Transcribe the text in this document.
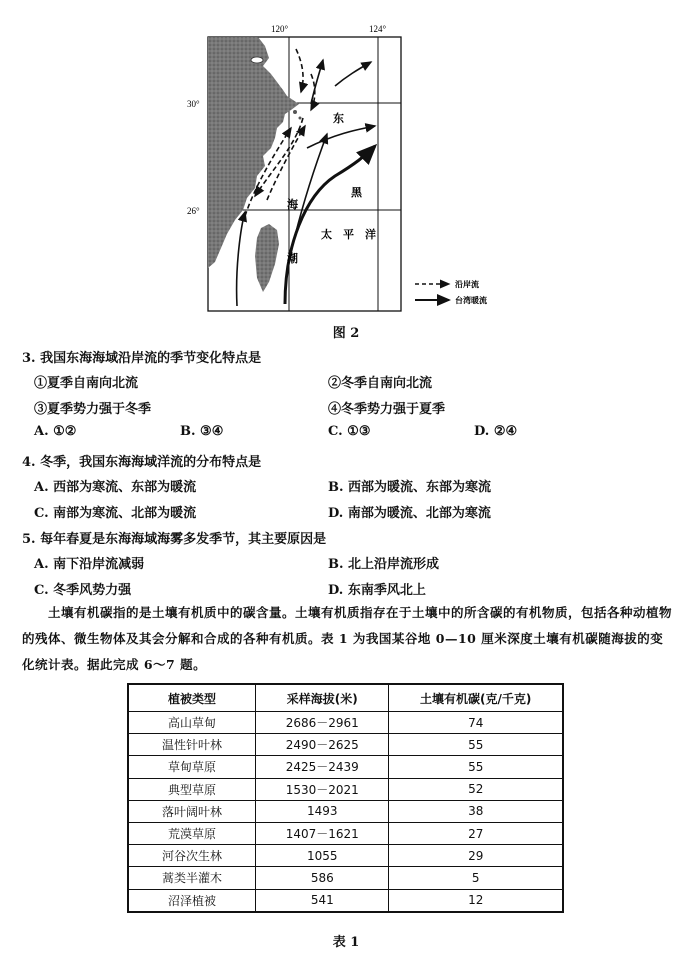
120°	124°
30°
26°
东
海
黑
太 平 洋
潮
沿岸流
台湾暖流
图 2
3. 我国东海海域沿岸流的季节变化特点是
①夏季自南向北流	②冬季自南向北流
③夏季势力强于冬季	④冬季势力强于夏季
A. ①②	B. ③④	C. ①③	D. ②④
4. 冬季，我国东海海域洋流的分布特点是
A. 西部为寒流、东部为暖流	B. 西部为暖流、东部为寒流
C. 南部为寒流、北部为暖流	D. 南部为暖流、北部为寒流
5. 每年春夏是东海海域海雾多发季节，其主要原因是
A. 南下沿岸流减弱	B. 北上沿岸流形成
C. 冬季风势力强	D. 东南季风北上
土壤有机碳指的是土壤有机质中的碳含量。土壤有机质指存在于土壤中的所含碳的有机物质，包括各种动植物的残体、微生物体及其会分解和合成的各种有机质。表 1 为我国某谷地 0—10 厘米深度土壤有机碳随海拔的变化统计表。据此完成 6～7 题。
植被类型	采样海拔(米)	土壤有机碳(克/千克)
高山草甸	2686－2961	74
温性针叶林	2490－2625	55
草甸草原	2425－2439	55
典型草原	1530－2021	52
落叶阔叶林	1493	38
荒漠草原	1407－1621	27
河谷次生林	1055	29
蒿类半灌木	586	5
沼泽植被	541	12
表 1
